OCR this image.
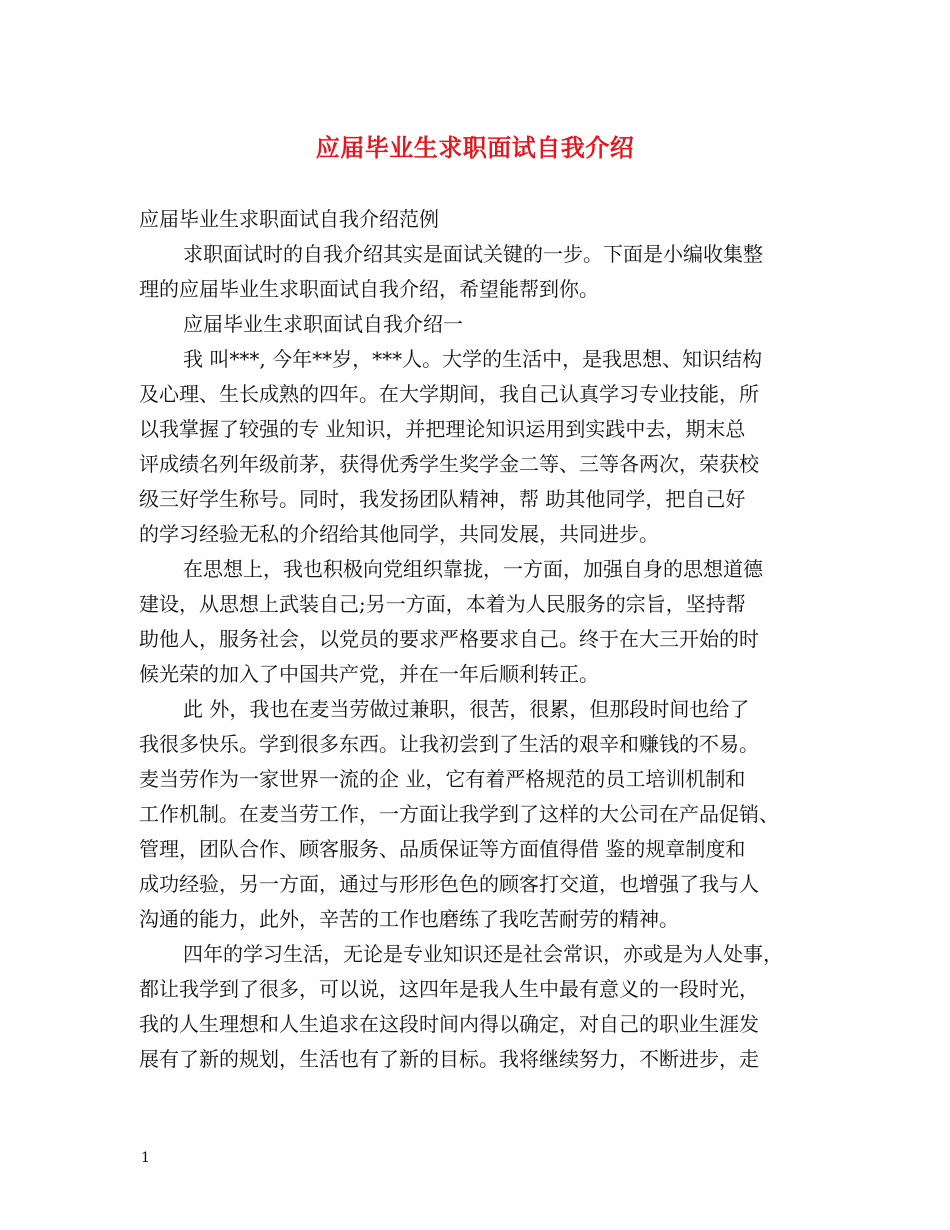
应届毕业生求职面试自我介绍
应届毕业生求职面试自我介绍范例
求职面试时的自我介绍其实是面试关键的一步。下面是小编收集整
理的应届毕业生求职面试自我介绍，希望能帮到你。
应届毕业生求职面试自我介绍一
我 叫***, 今年**岁，***人。大学的生活中，是我思想、知识结构
及心理、生长成熟的四年。在大学期间，我自己认真学习专业技能，所
以我掌握了较强的专 业知识，并把理论知识运用到实践中去，期末总
评成绩名列年级前茅，获得优秀学生奖学金二等、三等各两次，荣获校
级三好学生称号。同时，我发扬团队精神，帮 助其他同学，把自己好
的学习经验无私的介绍给其他同学，共同发展，共同进步。
在思想上，我也积极向党组织靠拢，一方面，加强自身的思想道德
建设，从思想上武装自己;另一方面，本着为人民服务的宗旨，坚持帮
助他人，服务社会，以党员的要求严格要求自己。终于在大三开始的时
候光荣的加入了中国共产党，并在一年后顺利转正。
此 外，我也在麦当劳做过兼职，很苦，很累，但那段时间也给了
我很多快乐。学到很多东西。让我初尝到了生活的艰辛和赚钱的不易。
麦当劳作为一家世界一流的企 业，它有着严格规范的员工培训机制和
工作机制。在麦当劳工作，一方面让我学到了这样的大公司在产品促销、
管理，团队合作、顾客服务、品质保证等方面值得借 鉴的规章制度和
成功经验，另一方面，通过与形形色色的顾客打交道，也增强了我与人
沟通的能力，此外，辛苦的工作也磨练了我吃苦耐劳的精神。
四年的学习生活，无论是专业知识还是社会常识，亦或是为人处事，
都让我学到了很多，可以说，这四年是我人生中最有意义的一段时光，
我的人生理想和人生追求在这段时间内得以确定，对自己的职业生涯发
展有了新的规划，生活也有了新的目标。我将继续努力，不断进步，走
1
